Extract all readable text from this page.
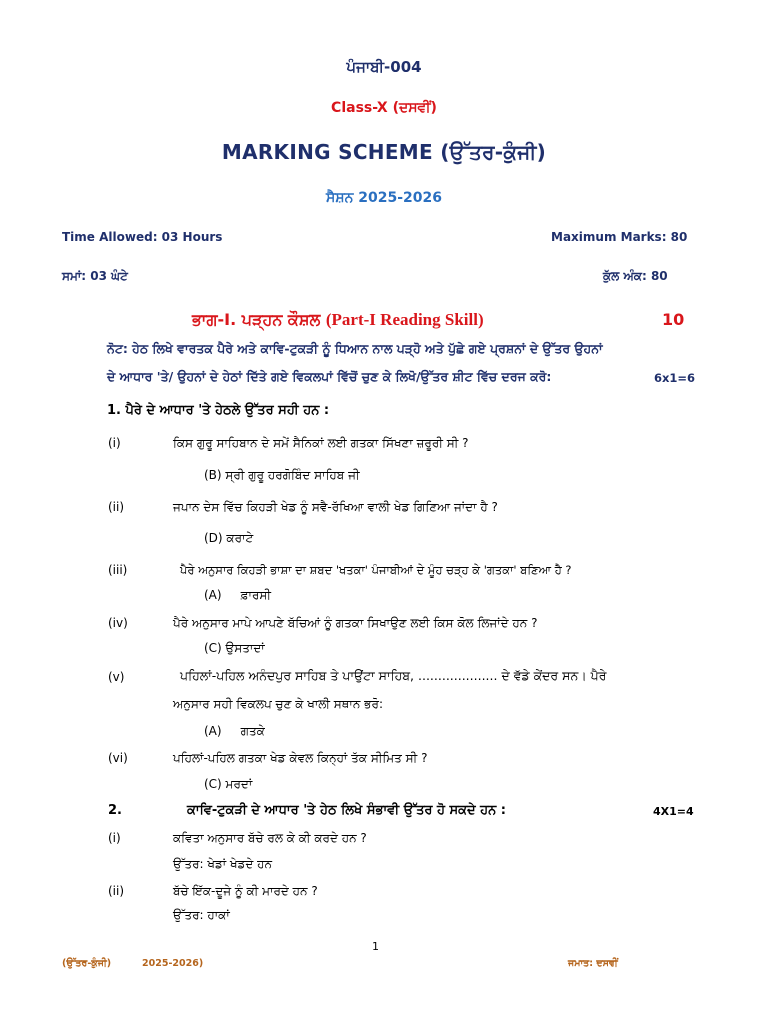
ਪੰਜਾਬੀ-004
Class-X (ਦਸਵੀਂ)
MARKING SCHEME (ਉੱਤਰ-ਕੁੰਜੀ)
ਸੈਸ਼ਨ 2025-2026
Time Allowed: 03 Hours	Maximum Marks: 80
ਸਮਾਂ: 03 ਘੰਟੇ	ਕੁੱਲ ਅੰਕ: 80
ਭਾਗ-I. ਪੜ੍ਹਨ ਕੌਸ਼ਲ (Part-I Reading Skill)	10
ਨੋਟ: ਹੇਠ ਲਿਖੇ ਵਾਰਤਕ ਪੈਰੇ ਅਤੇ ਕਾਵਿ-ਟੁਕੜੀ ਨੂੰ ਧਿਆਨ ਨਾਲ ਪੜ੍ਹੋ ਅਤੇ ਪੁੱਛੇ ਗਏ ਪ੍ਰਸ਼ਨਾਂ ਦੇ ਉੱਤਰ ਉਹਨਾਂ
ਦੇ ਆਧਾਰ 'ਤੇ/ ਉਹਨਾਂ ਦੇ ਹੇਠਾਂ ਦਿੱਤੇ ਗਏ ਵਿਕਲਪਾਂ ਵਿੱਚੋਂ ਚੁਣ ਕੇ ਲਿਖੋ/ਉੱਤਰ ਸ਼ੀਟ ਵਿੱਚ ਦਰਜ ਕਰੋ:	6x1=6
1. ਪੈਰੇ ਦੇ ਆਧਾਰ 'ਤੇ ਹੇਠਲੇ ਉੱਤਰ ਸਹੀ ਹਨ :
(i)	ਕਿਸ ਗੁਰੂ ਸਾਹਿਬਾਨ ਦੇ ਸਮੇਂ ਸੈਨਿਕਾਂ ਲਈ ਗਤਕਾ ਸਿੱਖਣਾ ਜ਼ਰੂਰੀ ਸੀ ?
(B) ਸ੍ਰੀ ਗੁਰੂ ਹਰਗੋਬਿੰਦ ਸਾਹਿਬ ਜੀ
(ii)	ਜਪਾਨ ਦੇਸ ਵਿੱਚ ਕਿਹੜੀ ਖੇਡ ਨੂੰ ਸਵੈ-ਰੱਖਿਆ ਵਾਲੀ ਖੇਡ ਗਿਣਿਆ ਜਾਂਦਾ ਹੈ ?
(D) ਕਰਾਟੇ
(iii)	ਪੈਰੇ ਅਨੁਸਾਰ ਕਿਹੜੀ ਭਾਸ਼ਾ ਦਾ ਸ਼ਬਦ 'ਖਤਕਾ' ਪੰਜਾਬੀਆਂ ਦੇ ਮੂੰਹ ਚੜ੍ਹ ਕੇ 'ਗਤਕਾ' ਬਣਿਆ ਹੈ ?
(A)     ਫ਼ਾਰਸੀ
(iv)	ਪੈਰੇ ਅਨੁਸਾਰ ਮਾਪੇ ਆਪਣੇ ਬੱਚਿਆਂ ਨੂੰ ਗਤਕਾ ਸਿਖਾਉਣ ਲਈ ਕਿਸ ਕੋਲ ਲਿਜਾਂਦੇ ਹਨ ?
(C) ਉਸਤਾਦਾਂ
(v)	ਪਹਿਲਾਂ-ਪਹਿਲ ਅਨੰਦਪੁਰ ਸਾਹਿਬ ਤੇ ਪਾਉਂਟਾ ਸਾਹਿਬ, .................... ਦੇ ਵੱਡੇ ਕੇਂਦਰ ਸਨ। ਪੈਰੇ
ਅਨੁਸਾਰ ਸਹੀ ਵਿਕਲਪ ਚੁਣ ਕੇ ਖਾਲੀ ਸਥਾਨ ਭਰੋ:
(A)     ਗਤਕੇ
(vi)	ਪਹਿਲਾਂ-ਪਹਿਲ ਗਤਕਾ ਖੇਡ ਕੇਵਲ ਕਿਨ੍ਹਾਂ ਤੱਕ ਸੀਮਿਤ ਸੀ ?
(C) ਮਰਦਾਂ
2.	ਕਾਵਿ-ਟੁਕੜੀ ਦੇ ਆਧਾਰ 'ਤੇ ਹੇਠ ਲਿਖੇ ਸੰਭਾਵੀ ਉੱਤਰ ਹੋ ਸਕਦੇ ਹਨ :	4X1=4
(i)	ਕਵਿਤਾ ਅਨੁਸਾਰ ਬੱਚੇ ਰਲ ਕੇ ਕੀ ਕਰਦੇ ਹਨ ?
ਉੱਤਰ: ਖੇਡਾਂ ਖੇਡਦੇ ਹਨ
(ii)	ਬੱਚੇ ਇੱਕ-ਦੂਜੇ ਨੂੰ ਕੀ ਮਾਰਦੇ ਹਨ ?
ਉੱਤਰ: ਹਾਕਾਂ
1
(ਉੱਤਰ-ਕੁੰਜੀ)	2025-2026)	ਜਮਾਤ: ਦਸਵੀਂ
